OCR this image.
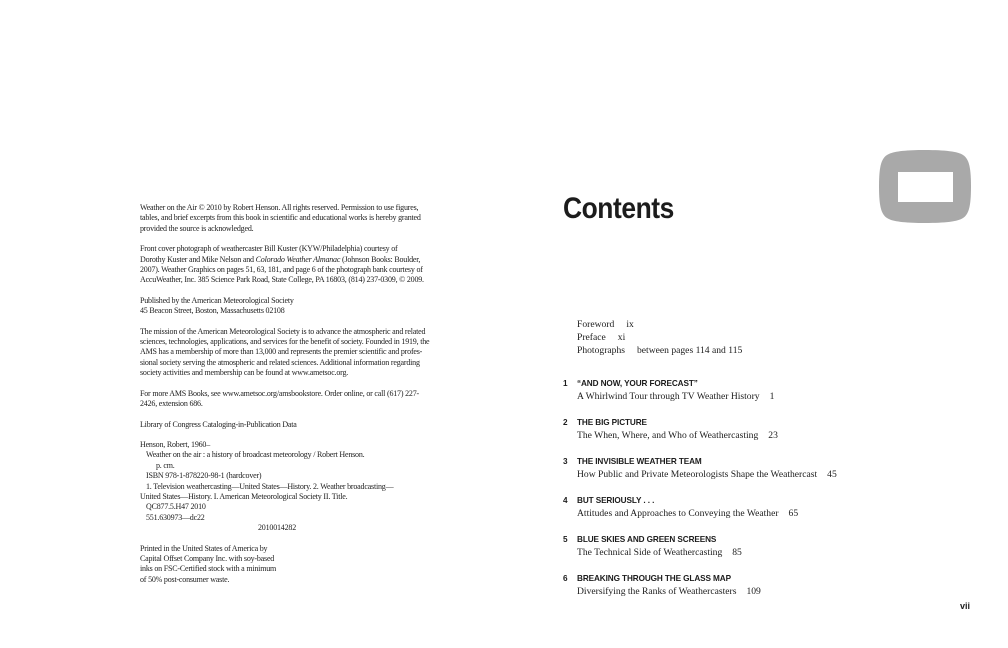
Weather on the Air © 2010 by Robert Henson. All rights reserved. Permission to use figures,
tables, and brief excerpts from this book in scientific and educational works is hereby granted
provided the source is acknowledged.

Front cover photograph of weathercaster Bill Kuster (KYW/Philadelphia) courtesy of
Dorothy Kuster and Mike Nelson and Colorado Weather Almanac (Johnson Books: Boulder,
2007). Weather Graphics on pages 51, 63, 181, and page 6 of the photograph bank courtesy of
AccuWeather, Inc. 385 Science Park Road, State College, PA 16803, (814) 237-0309, © 2009.

Published by the American Meteorological Society
45 Beacon Street, Boston, Massachusetts 02108

The mission of the American Meteorological Society is to advance the atmospheric and related
sciences, technologies, applications, and services for the benefit of society. Founded in 1919, the
AMS has a membership of more than 13,000 and represents the premier scientific and profes-
sional society serving the atmospheric and related sciences. Additional information regarding
society activities and membership can be found at www.ametsoc.org.

For more AMS Books, see www.ametsoc.org/amsbookstore. Order online, or call (617) 227-
2426, extension 686.

Library of Congress Cataloging-in-Publication Data

Henson, Robert, 1960–
Weather on the air : a history of broadcast meteorology / Robert Henson.
p. cm.
ISBN 978-1-878220-98-1 (hardcover)
1. Television weathercasting—United States—History. 2. Weather broadcasting—
United States—History. I. American Meteorological Society II. Title.
QC877.5.H47 2010
551.630973—dc22
2010014282

Printed in the United States of America by
Capital Offset Company Inc. with soy-based
inks on FSC-Certified stock with a minimum
of 50% post-consumer waste.

Contents
Foreword ix
Preface xi
Photographs between pages 114 and 115
1	“AND NOW, YOUR FORECAST”
A Whirlwind Tour through TV Weather History 1
2	THE BIG PICTURE
The When, Where, and Who of Weathercasting 23
3	THE INVISIBLE WEATHER TEAM
How Public and Private Meteorologists Shape the Weathercast 45
4	BUT SERIOUSLY . . .
Attitudes and Approaches to Conveying the Weather 65
5	BLUE SKIES AND GREEN SCREENS
The Technical Side of Weathercasting 85
6	BREAKING THROUGH THE GLASS MAP
Diversifying the Ranks of Weathercasters 109
vii
